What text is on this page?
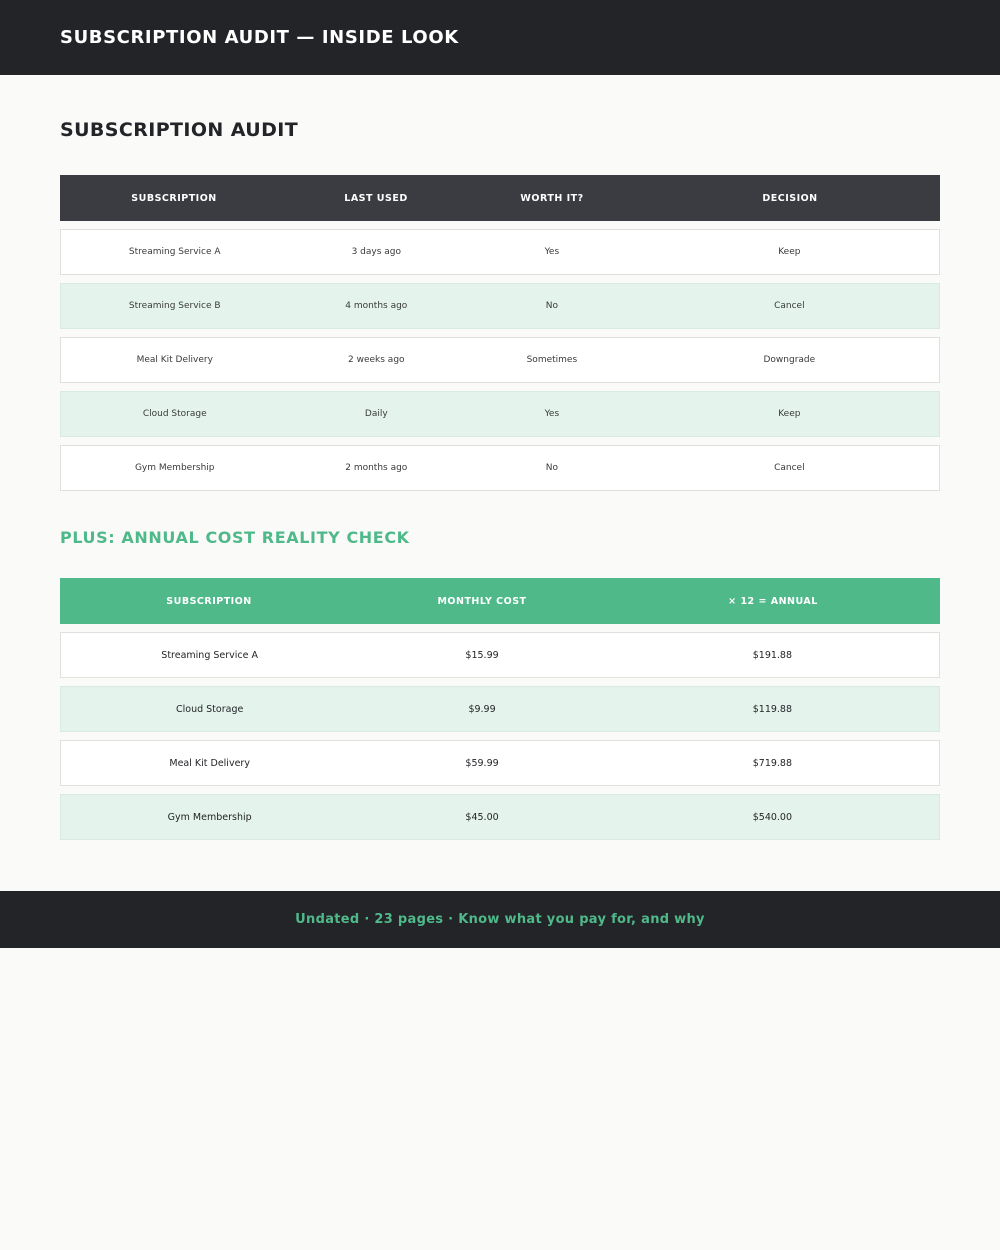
SUBSCRIPTION AUDIT — INSIDE LOOK
SUBSCRIPTION AUDIT
SUBSCRIPTION	LAST USED	WORTH IT?	DECISION
Streaming Service A	3 days ago	Yes	Keep
Streaming Service B	4 months ago	No	Cancel
Meal Kit Delivery	2 weeks ago	Sometimes	Downgrade
Cloud Storage	Daily	Yes	Keep
Gym Membership	2 months ago	No	Cancel
PLUS: ANNUAL COST REALITY CHECK
SUBSCRIPTION	MONTHLY COST	× 12 = ANNUAL
Streaming Service A	$15.99	$191.88
Cloud Storage	$9.99	$119.88
Meal Kit Delivery	$59.99	$719.88
Gym Membership	$45.00	$540.00
Undated · 23 pages · Know what you pay for, and why
